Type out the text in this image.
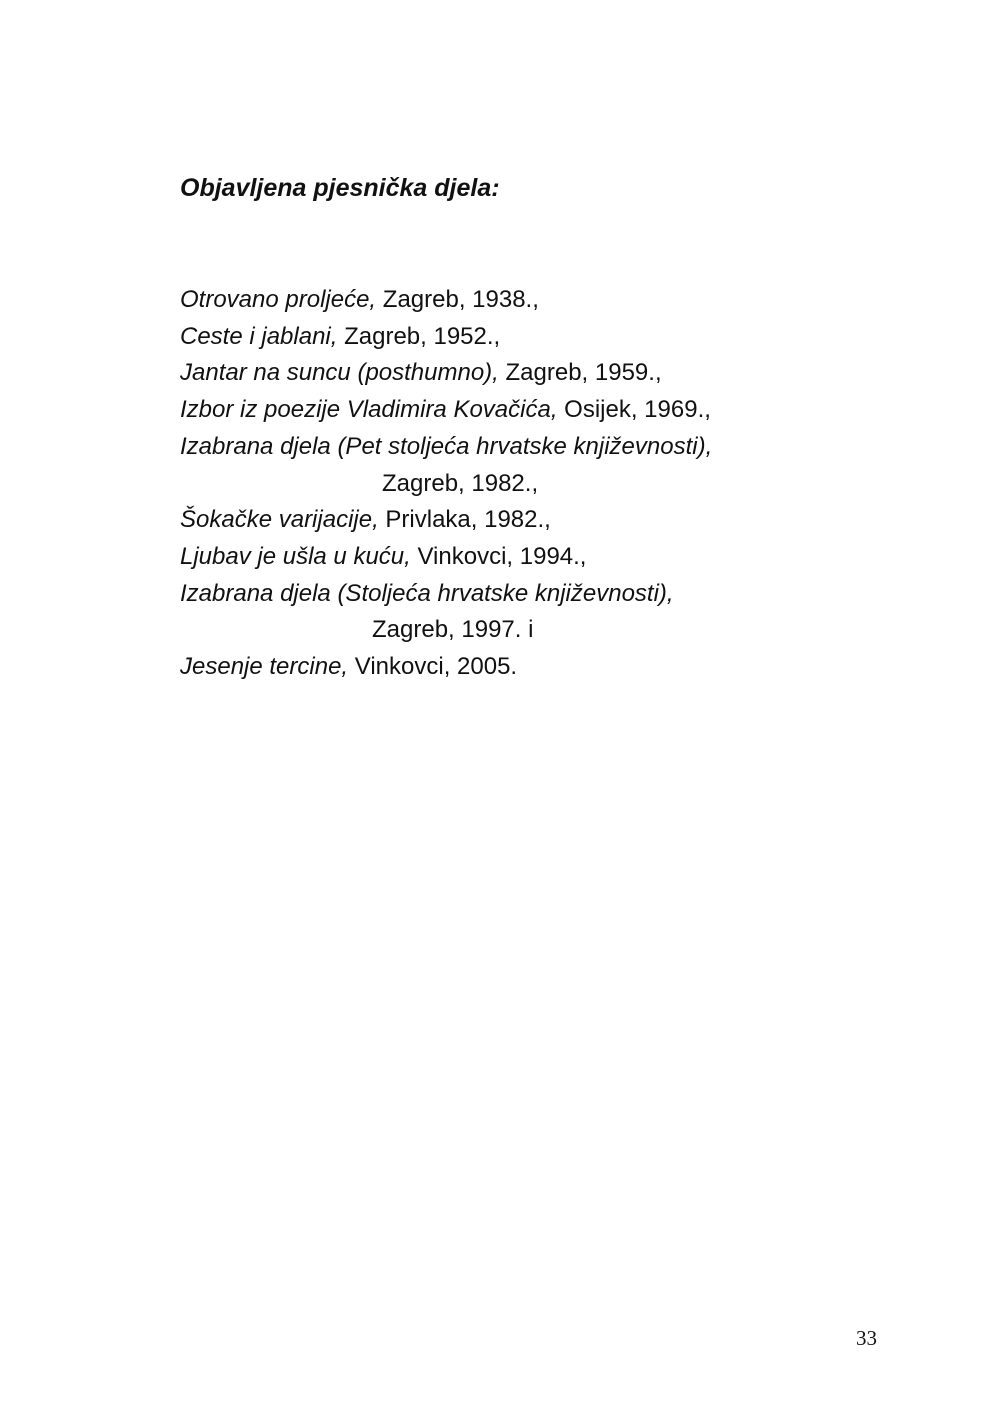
Objavljena pjesnička djela:
Otrovano proljeće, Zagreb, 1938.,
Ceste i jablani, Zagreb, 1952.,
Jantar na suncu (posthumno), Zagreb, 1959.,
Izbor iz poezije Vladimira Kovačića, Osijek, 1969.,
Izabrana djela (Pet stoljeća hrvatske književnosti),
Zagreb, 1982.,
Šokačke varijacije, Privlaka, 1982.,
Ljubav je ušla u kuću, Vinkovci, 1994.,
Izabrana djela (Stoljeća hrvatske književnosti),
Zagreb, 1997. i
Jesenje tercine, Vinkovci, 2005.
33
